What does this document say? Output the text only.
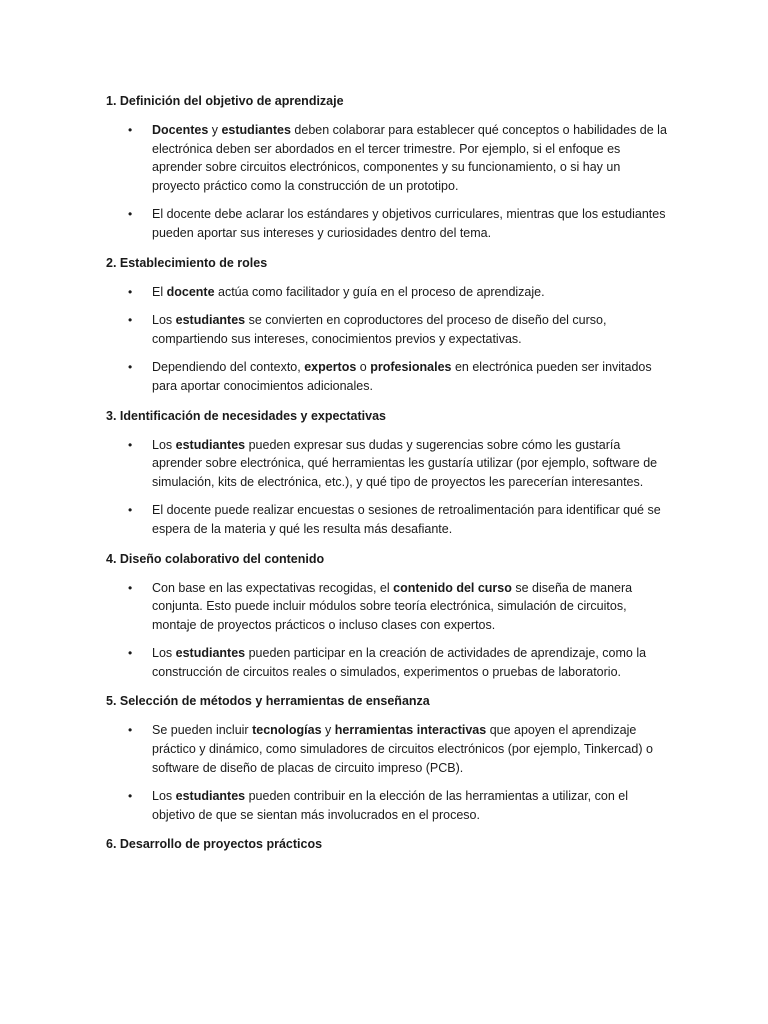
1. Definición del objetivo de aprendizaje
• Docentes y estudiantes deben colaborar para establecer qué conceptos o habilidades de la electrónica deben ser abordados en el tercer trimestre. Por ejemplo, si el enfoque es aprender sobre circuitos electrónicos, componentes y su funcionamiento, o si hay un proyecto práctico como la construcción de un prototipo.
• El docente debe aclarar los estándares y objetivos curriculares, mientras que los estudiantes pueden aportar sus intereses y curiosidades dentro del tema.
2. Establecimiento de roles
• El docente actúa como facilitador y guía en el proceso de aprendizaje.
• Los estudiantes se convierten en coproductores del proceso de diseño del curso, compartiendo sus intereses, conocimientos previos y expectativas.
• Dependiendo del contexto, expertos o profesionales en electrónica pueden ser invitados para aportar conocimientos adicionales.
3. Identificación de necesidades y expectativas
• Los estudiantes pueden expresar sus dudas y sugerencias sobre cómo les gustaría aprender sobre electrónica, qué herramientas les gustaría utilizar (por ejemplo, software de simulación, kits de electrónica, etc.), y qué tipo de proyectos les parecerían interesantes.
• El docente puede realizar encuestas o sesiones de retroalimentación para identificar qué se espera de la materia y qué les resulta más desafiante.
4. Diseño colaborativo del contenido
• Con base en las expectativas recogidas, el contenido del curso se diseña de manera conjunta. Esto puede incluir módulos sobre teoría electrónica, simulación de circuitos, montaje de proyectos prácticos o incluso clases con expertos.
• Los estudiantes pueden participar en la creación de actividades de aprendizaje, como la construcción de circuitos reales o simulados, experimentos o pruebas de laboratorio.
5. Selección de métodos y herramientas de enseñanza
• Se pueden incluir tecnologías y herramientas interactivas que apoyen el aprendizaje práctico y dinámico, como simuladores de circuitos electrónicos (por ejemplo, Tinkercad) o software de diseño de placas de circuito impreso (PCB).
• Los estudiantes pueden contribuir en la elección de las herramientas a utilizar, con el objetivo de que se sientan más involucrados en el proceso.
6. Desarrollo de proyectos prácticos
